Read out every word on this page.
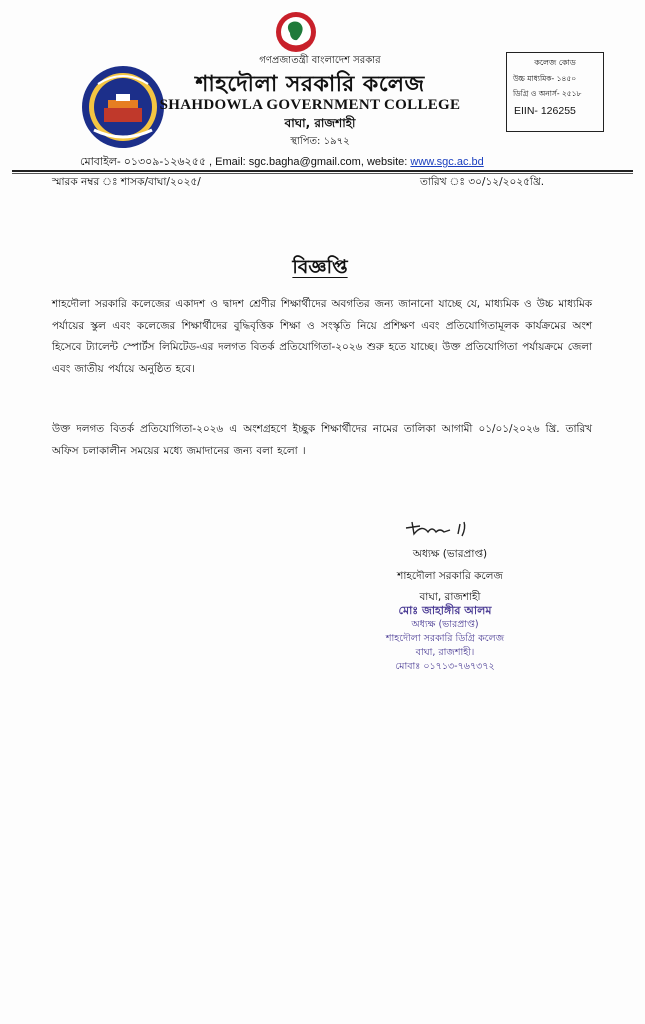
গণপ্রজাতন্ত্রী বাংলাদেশ সরকার
শাহদৌলা সরকারি কলেজ
SHAHDOWLA GOVERNMENT COLLEGE
বাঘা, রাজশাহী
স্থাপিত: ১৯৭২
কলেজ কোড
উচ্চ মাধ্যমিক- ১৪৫০
ডিগ্রি ও অনার্স- ২৫১৮
EIIN- 126255
মোবাইল- ০১৩০৯-১২৬২৫৫ , Email: sgc.bagha@gmail.com, website: www.sgc.ac.bd
স্মারক নম্বর ঃ শাসক/বাঘা/২০২৫/	তারিখ ঃ ৩০/১২/২০২৫খ্রি.
বিজ্ঞপ্তি

শাহদৌলা সরকারি কলেজের একাদশ ও দ্বাদশ শ্রেণীর শিক্ষার্থীদের অবগতির জন্য জানানো যাচ্ছে যে, মাধ্যমিক ও উচ্চ মাধ্যমিক পর্যায়ের স্কুল এবং কলেজের শিক্ষার্থীদের বুদ্ধিবৃত্তিক শিক্ষা ও সংস্কৃতি নিয়ে প্রশিক্ষণ এবং প্রতিযোগিতামূলক কার্যক্রমের অংশ হিসেবে ট্যালেন্ট স্পোর্টস লিমিটেড-এর দলগত বিতর্ক প্রতিযোগিতা-২০২৬ শুরু হতে যাচ্ছে। উক্ত প্রতিযোগিতা পর্যায়ক্রমে জেলা এবং জাতীয় পর্যায়ে অনুষ্ঠিত হবে।

উক্ত দলগত বিতর্ক প্রতিযোগিতা-২০২৬ এ অংশগ্রহণে ইচ্ছুক শিক্ষার্থীদের নামের তালিকা আগামী ০১/০১/২০২৬ খ্রি. তারিখ অফিস চলাকালীন সময়ের মধ্যে জমাদানের জন্য বলা হলো ।

অধ্যক্ষ (ভারপ্রাপ্ত)
শাহদৌলা সরকারি কলেজ
বাঘা, রাজশাহী
মোঃ জাহাঙ্গীর আলম
অধ্যক্ষ (ভারপ্রাপ্ত)
শাহদৌলা সরকারি ডিগ্রি কলেজ
বাঘা, রাজশাহী।
মোবাঃ ০১৭১৩-৭৬৭৩৭২
